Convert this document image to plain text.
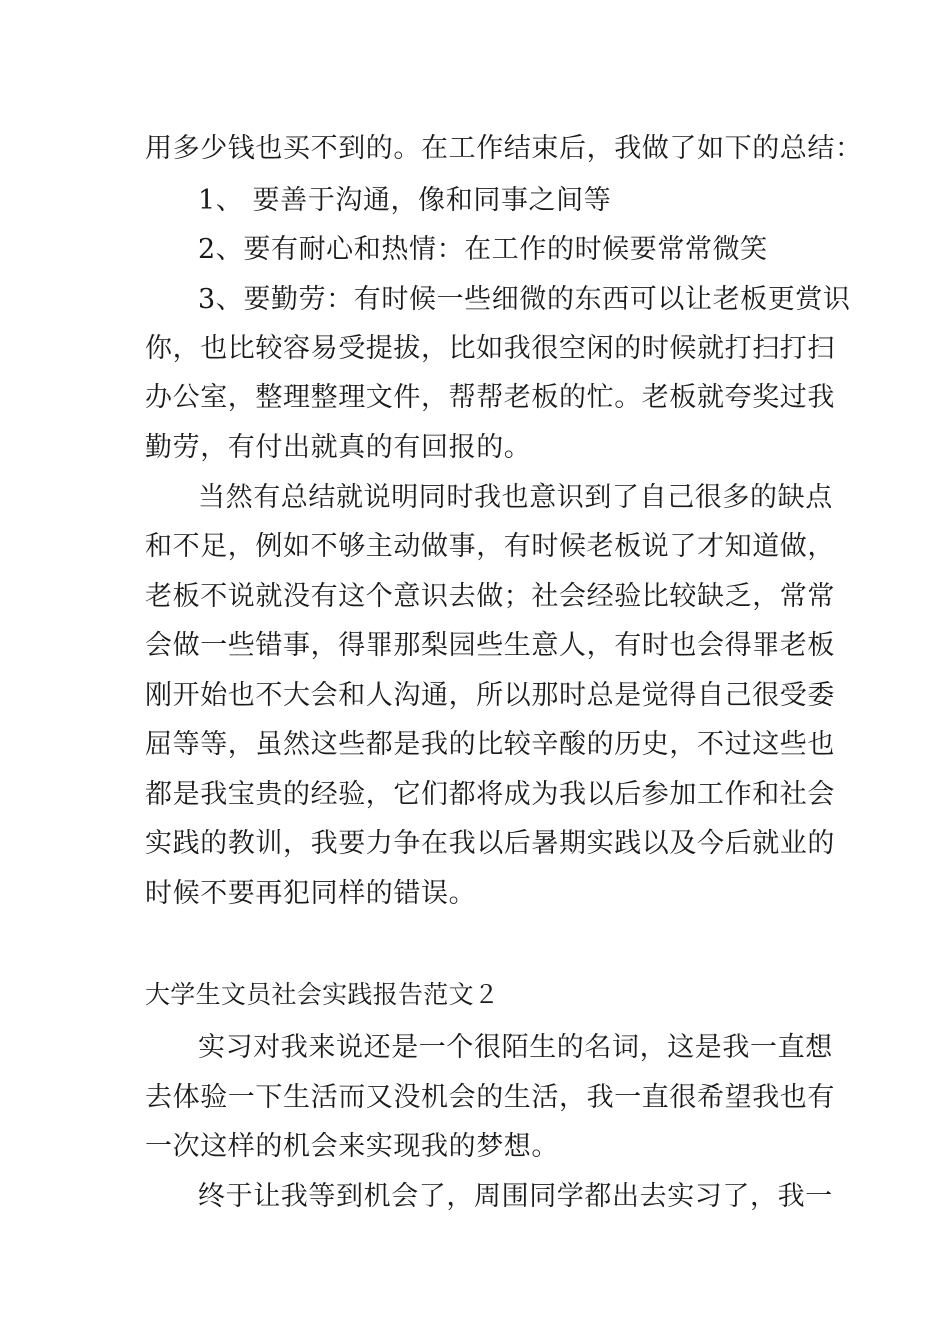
用多少钱也买不到的。在工作结束后，我做了如下的总结：
1、 要善于沟通，像和同事之间等
2、要有耐心和热情：在工作的时候要常常微笑
3、要勤劳：有时候一些细微的东西可以让老板更赏识
你，也比较容易受提拔，比如我很空闲的时候就打扫打扫
办公室，整理整理文件，帮帮老板的忙。老板就夸奖过我
勤劳，有付出就真的有回报的。
当然有总结就说明同时我也意识到了自己很多的缺点
和不足，例如不够主动做事，有时候老板说了才知道做，
老板不说就没有这个意识去做；社会经验比较缺乏，常常
会做一些错事，得罪那梨园些生意人，有时也会得罪老板
刚开始也不大会和人沟通，所以那时总是觉得自己很受委
屈等等，虽然这些都是我的比较辛酸的历史，不过这些也
都是我宝贵的经验，它们都将成为我以后参加工作和社会
实践的教训，我要力争在我以后暑期实践以及今后就业的
时候不要再犯同样的错误。
大学生文员社会实践报告范文２
实习对我来说还是一个很陌生的名词，这是我一直想
去体验一下生活而又没机会的生活，我一直很希望我也有
一次这样的机会来实现我的梦想。
终于让我等到机会了，周围同学都出去实习了，我一
